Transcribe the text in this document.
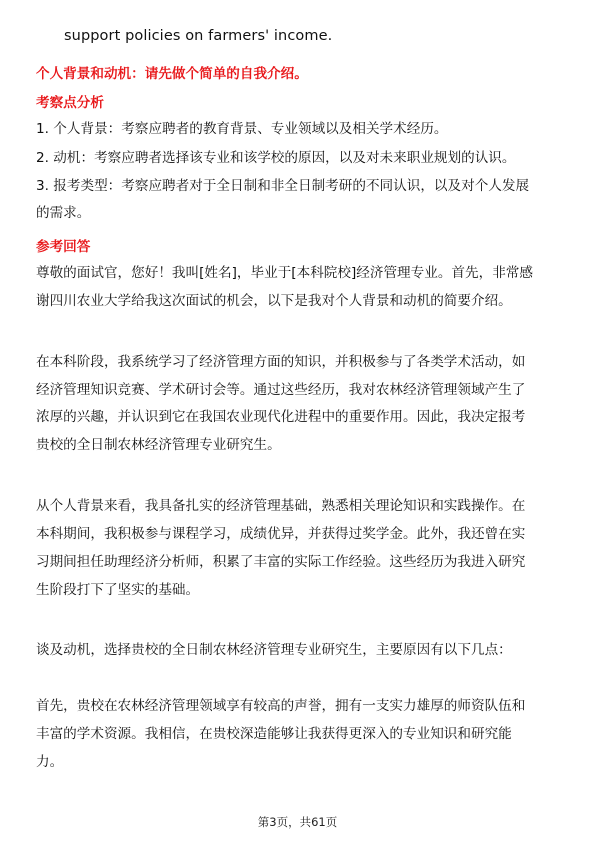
support policies on farmers' income.
个人背景和动机：请先做个简单的自我介绍。
考察点分析
1. 个人背景：考察应聘者的教育背景、专业领域以及相关学术经历。
2. 动机：考察应聘者选择该专业和该学校的原因，以及对未来职业规划的认识。
3. 报考类型：考察应聘者对于全日制和非全日制考研的不同认识，以及对个人发展
的需求。
参考回答
尊敬的面试官，您好！我叫[姓名]，毕业于[本科院校]经济管理专业。首先，非常感
谢四川农业大学给我这次面试的机会，以下是我对个人背景和动机的简要介绍。
在本科阶段，我系统学习了经济管理方面的知识，并积极参与了各类学术活动，如
经济管理知识竞赛、学术研讨会等。通过这些经历，我对农林经济管理领域产生了
浓厚的兴趣，并认识到它在我国农业现代化进程中的重要作用。因此，我决定报考
贵校的全日制农林经济管理专业研究生。
从个人背景来看，我具备扎实的经济管理基础，熟悉相关理论知识和实践操作。在
本科期间，我积极参与课程学习，成绩优异，并获得过奖学金。此外，我还曾在实
习期间担任助理经济分析师，积累了丰富的实际工作经验。这些经历为我进入研究
生阶段打下了坚实的基础。
谈及动机，选择贵校的全日制农林经济管理专业研究生，主要原因有以下几点：
首先，贵校在农林经济管理领域享有较高的声誉，拥有一支实力雄厚的师资队伍和
丰富的学术资源。我相信，在贵校深造能够让我获得更深入的专业知识和研究能
力。
第3页，共61页
